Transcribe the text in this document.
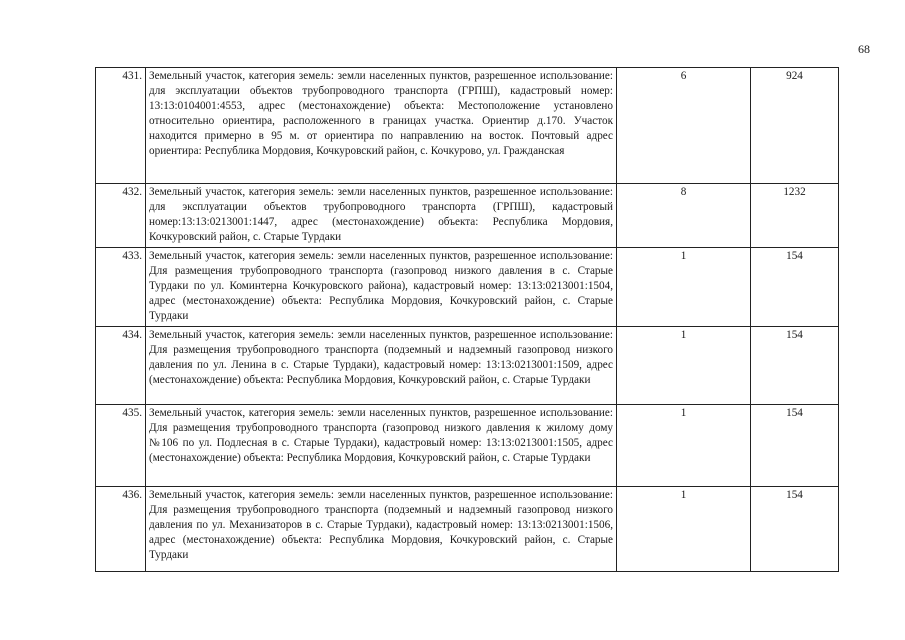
68
431.	Земельный участок, категория земель: земли населенных пунктов, разрешенное использование: для эксплуатации объектов трубопроводного транспорта (ГРПШ), кадастровый номер: 13:13:0104001:4553, адрес (местонахождение) объекта: Местоположение установлено относительно ориентира, расположенного в границах участка. Ориентир д.170. Участок находится примерно в 95 м. от ориентира по направлению на восток. Почтовый адрес ориентира: Республика Мордовия, Кочкуровский район, с. Кочкурово, ул. Гражданская	6	924
432.	Земельный участок, категория земель: земли населенных пунктов, разрешенное использование: для эксплуатации объектов трубопроводного транспорта (ГРПШ), кадастровый номер:13:13:0213001:1447, адрес (местонахождение) объекта: Республика Мордовия, Кочкуровский район, с. Старые Турдаки	8	1232
433.	Земельный участок, категория земель: земли населенных пунктов, разрешенное использование: Для размещения трубопроводного транспорта (газопровод низкого давления в с. Старые Турдаки по ул. Коминтерна Кочкуровского района), кадастровый номер: 13:13:0213001:1504, адрес (местонахождение) объекта: Республика Мордовия, Кочкуровский район, с. Старые Турдаки	1	154
434.	Земельный участок, категория земель: земли населенных пунктов, разрешенное использование: Для размещения трубопроводного транспорта (подземный и надземный газопровод низкого давления по ул. Ленина в с. Старые Турдаки), кадастровый номер: 13:13:0213001:1509, адрес (местонахождение) объекта: Республика Мордовия, Кочкуровский район, с. Старые Турдаки	1	154
435.	Земельный участок, категория земель: земли населенных пунктов, разрешенное использование: Для размещения трубопроводного транспорта (газопровод низкого давления к жилому дому №106 по ул. Подлесная в с. Старые Турдаки), кадастровый номер: 13:13:0213001:1505, адрес (местонахождение) объекта: Республика Мордовия, Кочкуровский район, с. Старые Турдаки	1	154
436.	Земельный участок, категория земель: земли населенных пунктов, разрешенное использование: Для размещения трубопроводного транспорта (подземный и надземный газопровод низкого давления по ул. Механизаторов в с. Старые Турдаки), кадастровый номер: 13:13:0213001:1506, адрес (местонахождение) объекта: Республика Мордовия, Кочкуровский район, с. Старые Турдаки	1	154
